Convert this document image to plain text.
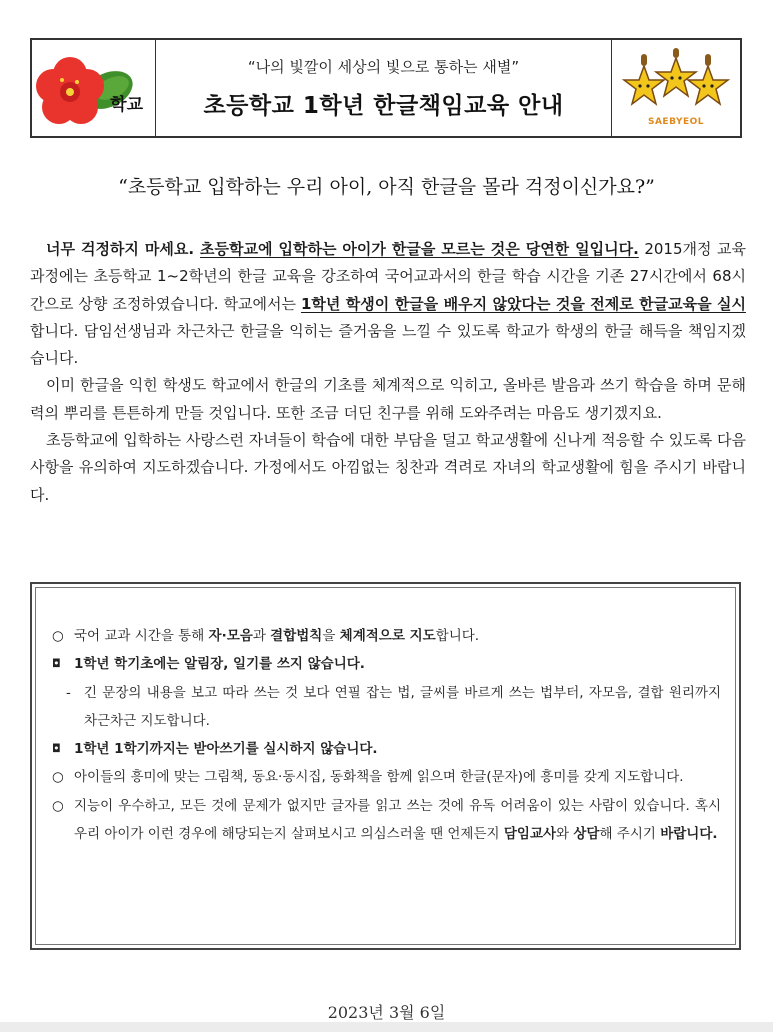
학교
“나의 빛깔이 세상의 빛으로 통하는 새별”
초등학교 1학년 한글책임교육 안내
SAEBYEOL
“초등학교 입학하는 우리 아이, 아직 한글을 몰라 걱정이신가요?”

너무 걱정하지 마세요. 초등학교에 입학하는 아이가 한글을 모르는 것은 당연한 일입니다. 2015개정 교육과정에는 초등학교 1~2학년의 한글 교육을 강조하여 국어교과서의 한글 학습 시간을 기존 27시간에서 68시간으로 상향 조정하였습니다. 학교에서는 1학년 학생이 한글을 배우지 않았다는 것을 전제로 한글교육을 실시합니다. 담임선생님과 차근차근 한글을 익히는 즐거움을 느낄 수 있도록 학교가 학생의 한글 해득을 책임지겠습니다.

이미 한글을 익힌 학생도 학교에서 한글의 기초를 체계적으로 익히고, 올바른 발음과 쓰기 학습을 하며 문해력의 뿌리를 튼튼하게 만들 것입니다. 또한 조금 더딘 친구를 위해 도와주려는 마음도 생기겠지요.

초등학교에 입학하는 사랑스런 자녀들이 학습에 대한 부담을 덜고 학교생활에 신나게 적응할 수 있도록 다음 사항을 유의하여 지도하겠습니다. 가정에서도 아낌없는 칭찬과 격려로 자녀의 학교생활에 힘을 주시기 바랍니다.

○ 국어 교과 시간을 통해 자·모음과 결합법칙을 체계적으로 지도합니다.
◘ 1학년 학기초에는 알림장, 일기를 쓰지 않습니다.
- 긴 문장의 내용을 보고 따라 쓰는 것 보다 연필 잡는 법, 글씨를 바르게 쓰는 법부터, 자모음, 결합 원리까지 차근차근 지도합니다.
◘ 1학년 1학기까지는 받아쓰기를 실시하지 않습니다.
○ 아이들의 흥미에 맞는 그림책, 동요·동시집, 동화책을 함께 읽으며 한글(문자)에 흥미를 갖게 지도합니다.
○ 지능이 우수하고, 모든 것에 문제가 없지만 글자를 읽고 쓰는 것에 유독 어려움이 있는 사람이 있습니다. 혹시 우리 아이가 이런 경우에 해당되는지 살펴보시고 의심스러울 땐 언제든지 담임교사와 상담해 주시기 바랍니다.
2023년 3월 6일
